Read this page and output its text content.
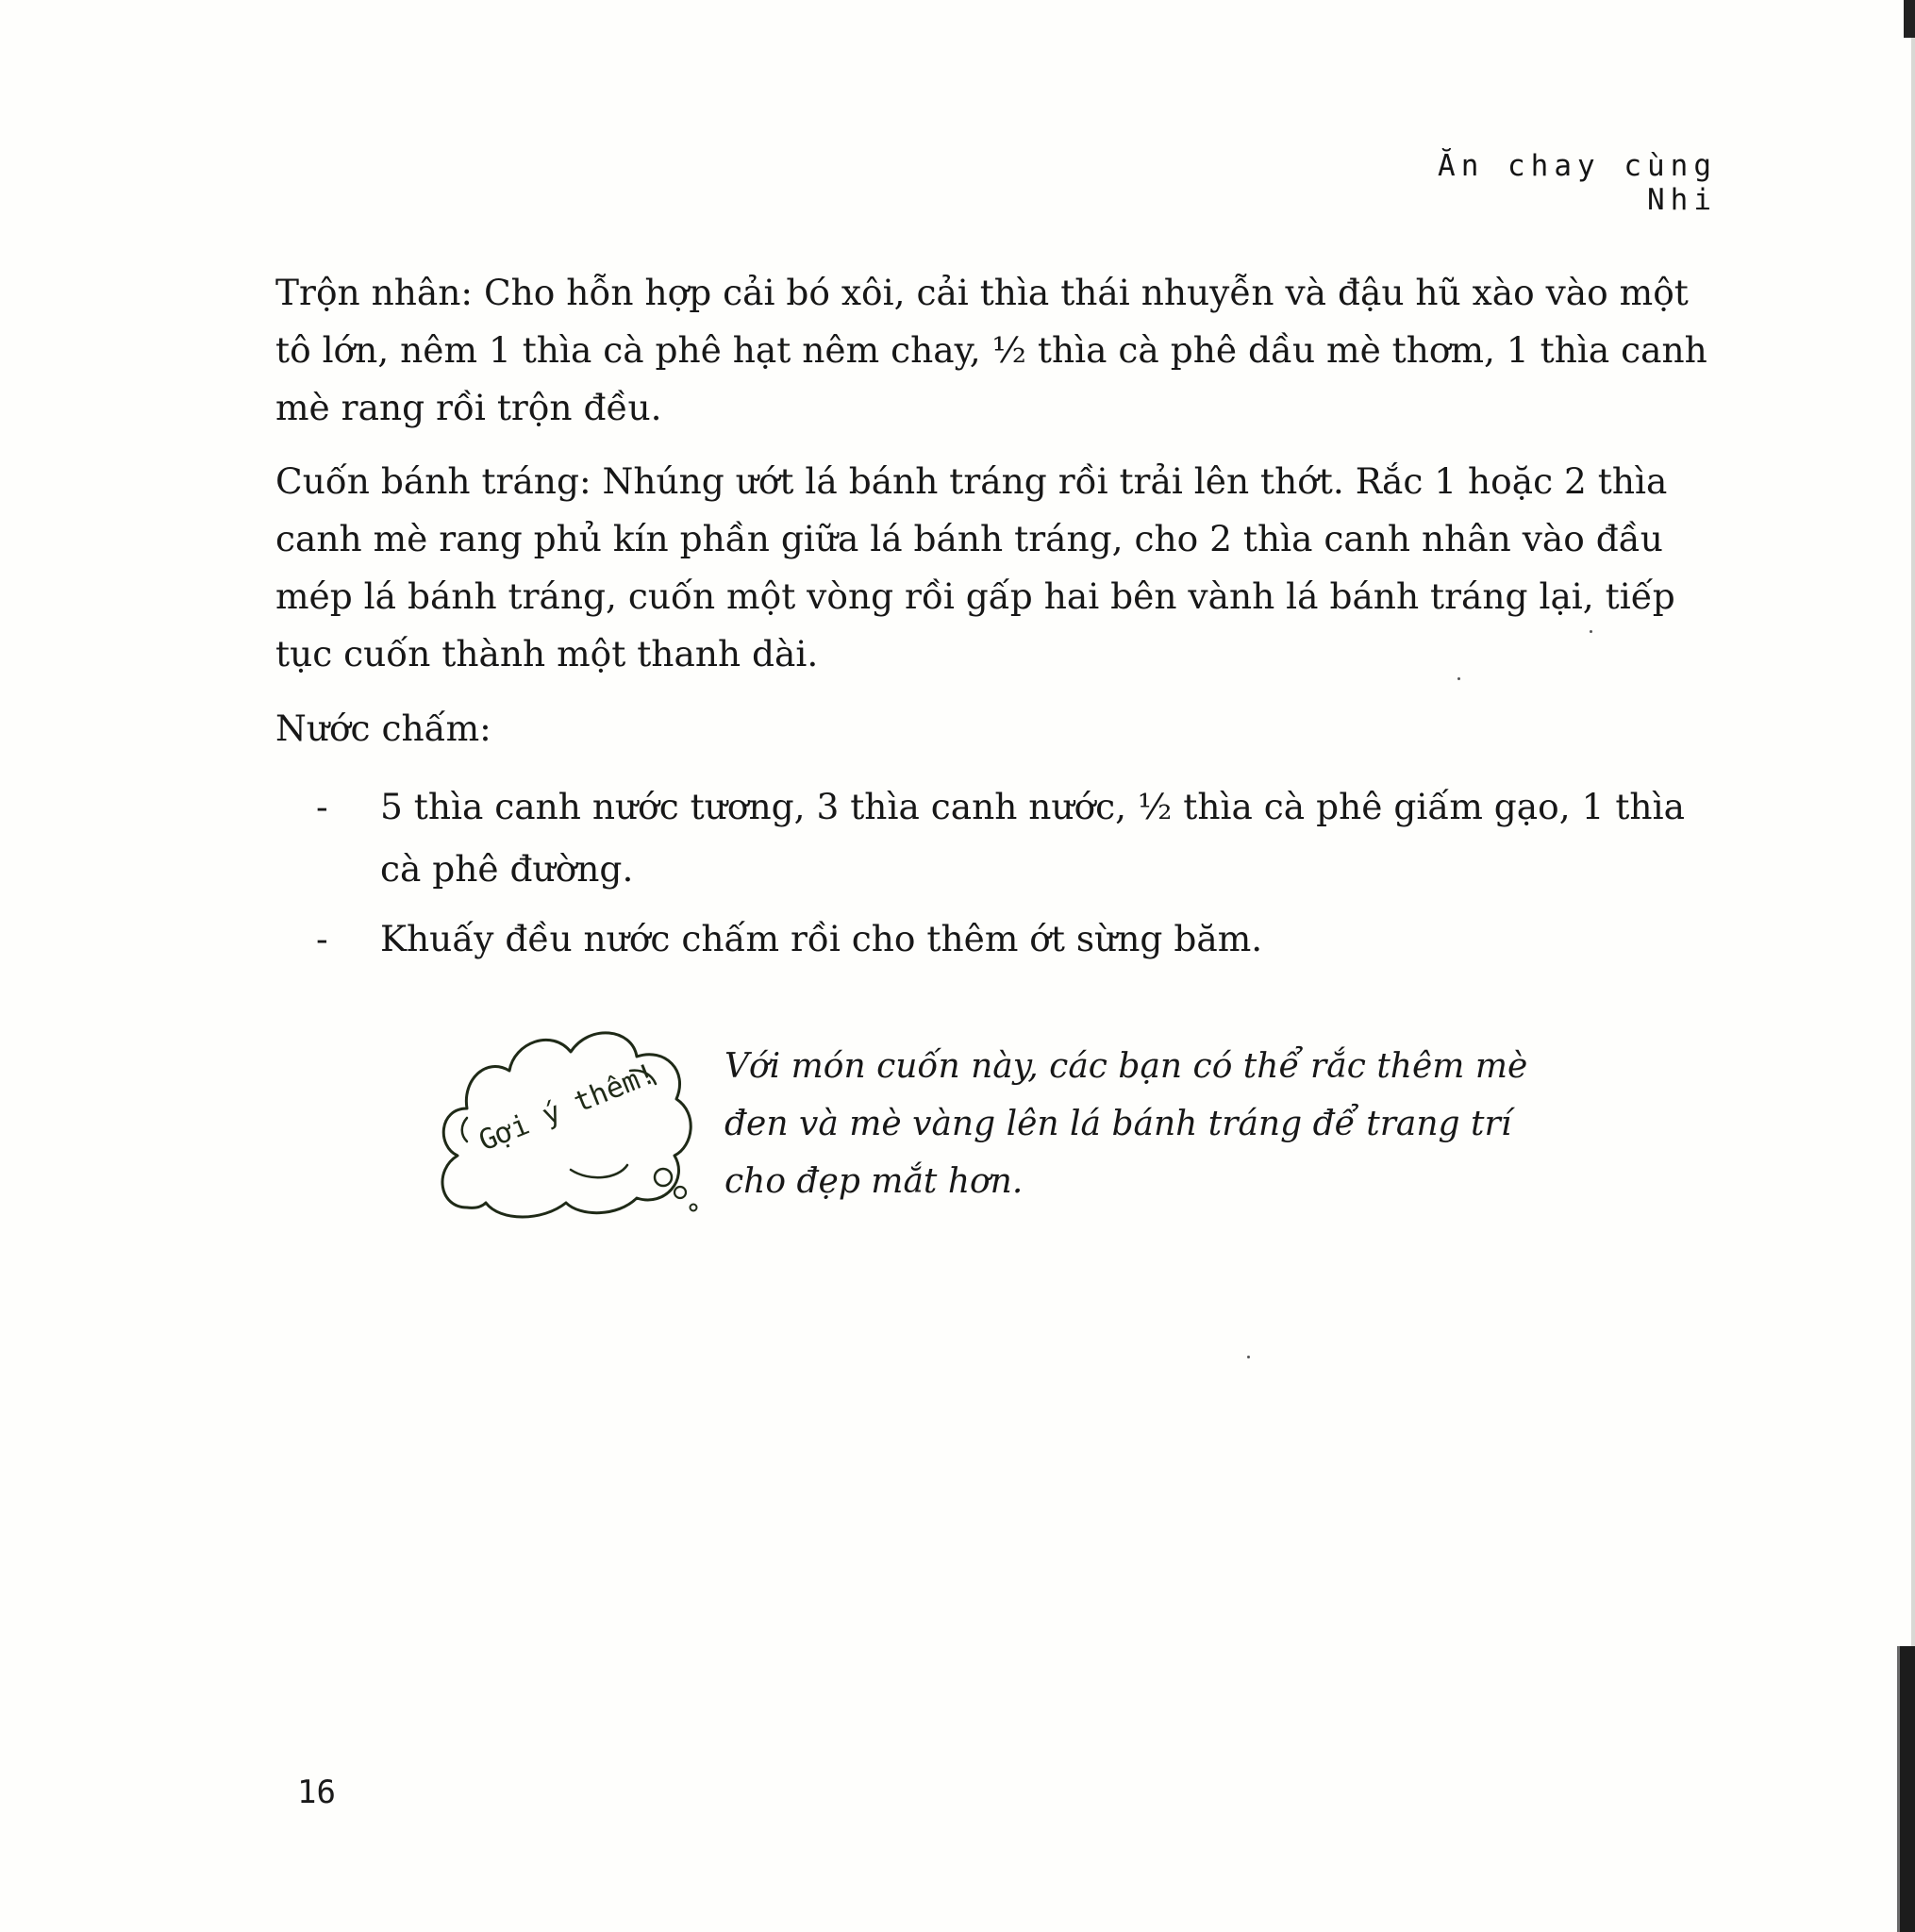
Ăn chay cùng Nhi
Trộn nhân: Cho hỗn hợp cải bó xôi, cải thìa thái nhuyễn và đậu hũ xào vào một tô lớn, nêm 1 thìa cà phê hạt nêm chay, ½ thìa cà phê dầu mè thơm, 1 thìa canh mè rang rồi trộn đều.
Cuốn bánh tráng: Nhúng ướt lá bánh tráng rồi trải lên thớt. Rắc 1 hoặc 2 thìa canh mè rang phủ kín phần giữa lá bánh tráng, cho 2 thìa canh nhân vào đầu mép lá bánh tráng, cuốn một vòng rồi gấp hai bên vành lá bánh tráng lại, tiếp tục cuốn thành một thanh dài.
Nước chấm:
-	5 thìa canh nước tương, 3 thìa canh nước, ½ thìa cà phê giấm gạo, 1 thìa cà phê đường.
-	Khuấy đều nước chấm rồi cho thêm ớt sừng băm.
Gợi ý thêm! Với món cuốn này, các bạn có thể rắc thêm mè đen và mè vàng lên lá bánh tráng để trang trí cho đẹp mắt hơn.
16
